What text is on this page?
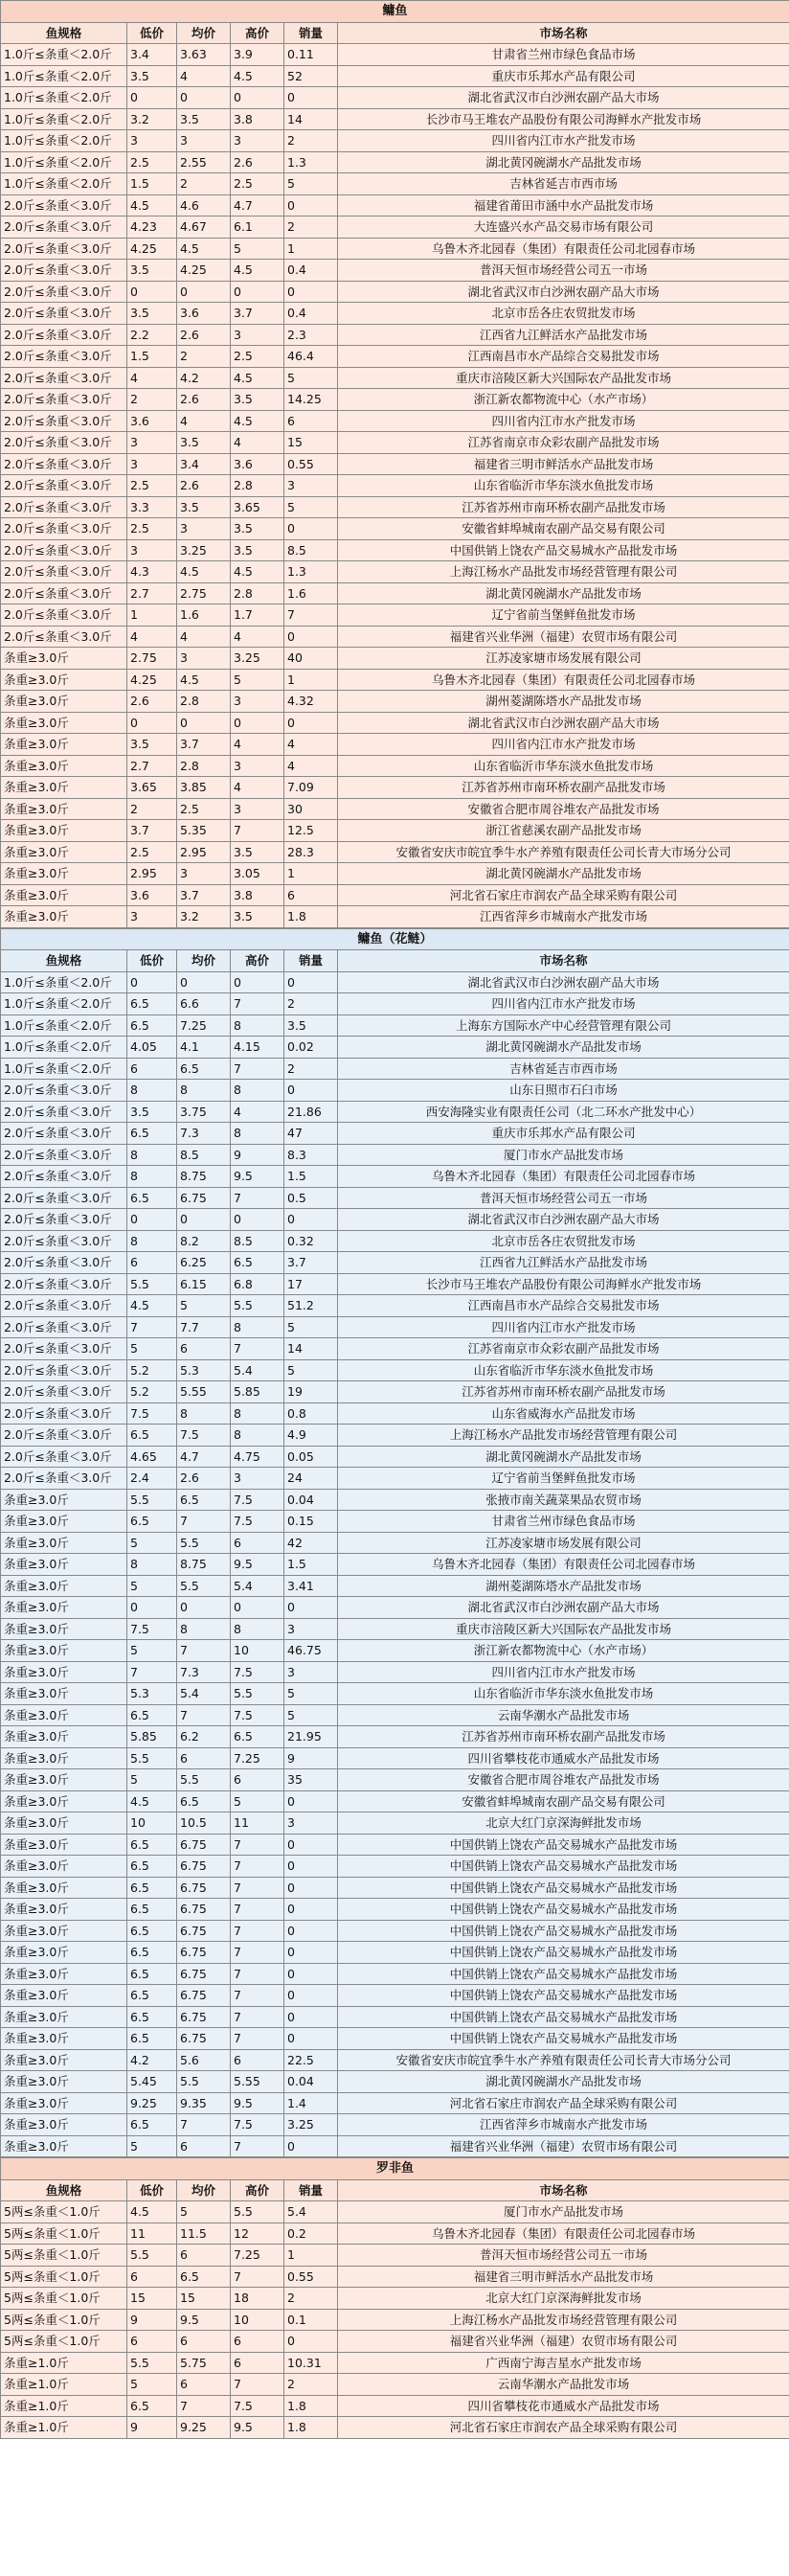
鳙鱼					
鱼规格	低价	均价	高价	销量	市场名称
1.0斤≤条重＜2.0斤	3.4	3.63	3.9	0.11	甘肃省兰州市绿色食品市场
1.0斤≤条重＜2.0斤	3.5	4	4.5	52	重庆市乐邦水产品有限公司
1.0斤≤条重＜2.0斤	0	0	0	0	湖北省武汉市白沙洲农副产品大市场
1.0斤≤条重＜2.0斤	3.2	3.5	3.8	14	长沙市马王堆农产品股份有限公司海鲜水产批发市场
1.0斤≤条重＜2.0斤	3	3	3	2	四川省内江市水产批发市场
1.0斤≤条重＜2.0斤	2.5	2.55	2.6	1.3	湖北黄冈碗湖水产品批发市场
1.0斤≤条重＜2.0斤	1.5	2	2.5	5	吉林省延吉市西市场
2.0斤≤条重＜3.0斤	4.5	4.6	4.7	0	福建省莆田市涵中水产品批发市场
2.0斤≤条重＜3.0斤	4.23	4.67	6.1	2	大连盛兴水产品交易市场有限公司
2.0斤≤条重＜3.0斤	4.25	4.5	5	1	乌鲁木齐北园春（集团）有限责任公司北园春市场
2.0斤≤条重＜3.0斤	3.5	4.25	4.5	0.4	普洱天恒市场经营公司五一市场
2.0斤≤条重＜3.0斤	0	0	0	0	湖北省武汉市白沙洲农副产品大市场
2.0斤≤条重＜3.0斤	3.5	3.6	3.7	0.4	北京市岳各庄农贸批发市场
2.0斤≤条重＜3.0斤	2.2	2.6	3	2.3	江西省九江鲜活水产品批发市场
2.0斤≤条重＜3.0斤	1.5	2	2.5	46.4	江西南昌市水产品综合交易批发市场
2.0斤≤条重＜3.0斤	4	4.2	4.5	5	重庆市涪陵区新大兴国际农产品批发市场
2.0斤≤条重＜3.0斤	2	2.6	3.5	14.25	浙江新农都物流中心（水产市场）
2.0斤≤条重＜3.0斤	3.6	4	4.5	6	四川省内江市水产批发市场
2.0斤≤条重＜3.0斤	3	3.5	4	15	江苏省南京市众彩农副产品批发市场
2.0斤≤条重＜3.0斤	3	3.4	3.6	0.55	福建省三明市鲜活水产品批发市场
2.0斤≤条重＜3.0斤	2.5	2.6	2.8	3	山东省临沂市华东淡水鱼批发市场
2.0斤≤条重＜3.0斤	3.3	3.5	3.65	5	江苏省苏州市南环桥农副产品批发市场
2.0斤≤条重＜3.0斤	2.5	3	3.5	0	安徽省蚌埠城南农副产品交易有限公司
2.0斤≤条重＜3.0斤	3	3.25	3.5	8.5	中国供销上饶农产品交易城水产品批发市场
2.0斤≤条重＜3.0斤	4.3	4.5	4.5	1.3	上海江杨水产品批发市场经营管理有限公司
2.0斤≤条重＜3.0斤	2.7	2.75	2.8	1.6	湖北黄冈碗湖水产品批发市场
2.0斤≤条重＜3.0斤	1	1.6	1.7	7	辽宁省前当堡鲜鱼批发市场
2.0斤≤条重＜3.0斤	4	4	4	0	福建省兴业华洲（福建）农贸市场有限公司
条重≥3.0斤	2.75	3	3.25	40	江苏凌家塘市场发展有限公司
条重≥3.0斤	4.25	4.5	5	1	乌鲁木齐北园春（集团）有限责任公司北园春市场
条重≥3.0斤	2.6	2.8	3	4.32	湖州菱湖陈塔水产品批发市场
条重≥3.0斤	0	0	0	0	湖北省武汉市白沙洲农副产品大市场
条重≥3.0斤	3.5	3.7	4	4	四川省内江市水产批发市场
条重≥3.0斤	2.7	2.8	3	4	山东省临沂市华东淡水鱼批发市场
条重≥3.0斤	3.65	3.85	4	7.09	江苏省苏州市南环桥农副产品批发市场
条重≥3.0斤	2	2.5	3	30	安徽省合肥市周谷堆农产品批发市场
条重≥3.0斤	3.7	5.35	7	12.5	浙江省慈溪农副产品批发市场
条重≥3.0斤	2.5	2.95	3.5	28.3	安徽省安庆市皖宜季牛水产养殖有限责任公司长青大市场分公司
条重≥3.0斤	2.95	3	3.05	1	湖北黄冈碗湖水产品批发市场
条重≥3.0斤	3.6	3.7	3.8	6	河北省石家庄市润农产品全球采购有限公司
条重≥3.0斤	3	3.2	3.5	1.8	江西省萍乡市城南水产批发市场
鳙鱼（花鲢）					
鱼规格	低价	均价	高价	销量	市场名称
1.0斤≤条重＜2.0斤	0	0	0	0	湖北省武汉市白沙洲农副产品大市场
1.0斤≤条重＜2.0斤	6.5	6.6	7	2	四川省内江市水产批发市场
1.0斤≤条重＜2.0斤	6.5	7.25	8	3.5	上海东方国际水产中心经营管理有限公司
1.0斤≤条重＜2.0斤	4.05	4.1	4.15	0.02	湖北黄冈碗湖水产品批发市场
1.0斤≤条重＜2.0斤	6	6.5	7	2	吉林省延吉市西市场
2.0斤≤条重＜3.0斤	8	8	8	0	山东日照市石臼市场
2.0斤≤条重＜3.0斤	3.5	3.75	4	21.86	西安海隆实业有限责任公司（北二环水产批发中心）
2.0斤≤条重＜3.0斤	6.5	7.3	8	47	重庆市乐邦水产品有限公司
2.0斤≤条重＜3.0斤	8	8.5	9	8.3	厦门市水产品批发市场
2.0斤≤条重＜3.0斤	8	8.75	9.5	1.5	乌鲁木齐北园春（集团）有限责任公司北园春市场
2.0斤≤条重＜3.0斤	6.5	6.75	7	0.5	普洱天恒市场经营公司五一市场
2.0斤≤条重＜3.0斤	0	0	0	0	湖北省武汉市白沙洲农副产品大市场
2.0斤≤条重＜3.0斤	8	8.2	8.5	0.32	北京市岳各庄农贸批发市场
2.0斤≤条重＜3.0斤	6	6.25	6.5	3.7	江西省九江鲜活水产品批发市场
2.0斤≤条重＜3.0斤	5.5	6.15	6.8	17	长沙市马王堆农产品股份有限公司海鲜水产批发市场
2.0斤≤条重＜3.0斤	4.5	5	5.5	51.2	江西南昌市水产品综合交易批发市场
2.0斤≤条重＜3.0斤	7	7.7	8	5	四川省内江市水产批发市场
2.0斤≤条重＜3.0斤	5	6	7	14	江苏省南京市众彩农副产品批发市场
2.0斤≤条重＜3.0斤	5.2	5.3	5.4	5	山东省临沂市华东淡水鱼批发市场
2.0斤≤条重＜3.0斤	5.2	5.55	5.85	19	江苏省苏州市南环桥农副产品批发市场
2.0斤≤条重＜3.0斤	7.5	8	8	0.8	山东省威海水产品批发市场
2.0斤≤条重＜3.0斤	6.5	7.5	8	4.9	上海江杨水产品批发市场经营管理有限公司
2.0斤≤条重＜3.0斤	4.65	4.7	4.75	0.05	湖北黄冈碗湖水产品批发市场
2.0斤≤条重＜3.0斤	2.4	2.6	3	24	辽宁省前当堡鲜鱼批发市场
条重≥3.0斤	5.5	6.5	7.5	0.04	张掖市南关蔬菜果品农贸市场
条重≥3.0斤	6.5	7	7.5	0.15	甘肃省兰州市绿色食品市场
条重≥3.0斤	5	5.5	6	42	江苏凌家塘市场发展有限公司
条重≥3.0斤	8	8.75	9.5	1.5	乌鲁木齐北园春（集团）有限责任公司北园春市场
条重≥3.0斤	5	5.5	5.4	3.41	湖州菱湖陈塔水产品批发市场
条重≥3.0斤	0	0	0	0	湖北省武汉市白沙洲农副产品大市场
条重≥3.0斤	7.5	8	8	3	重庆市涪陵区新大兴国际农产品批发市场
条重≥3.0斤	5	7	10	46.75	浙江新农都物流中心（水产市场）
条重≥3.0斤	7	7.3	7.5	3	四川省内江市水产批发市场
条重≥3.0斤	5.3	5.4	5.5	5	山东省临沂市华东淡水鱼批发市场
条重≥3.0斤	6.5	7	7.5	5	云南华潮水产品批发市场
条重≥3.0斤	5.85	6.2	6.5	21.95	江苏省苏州市南环桥农副产品批发市场
条重≥3.0斤	5.5	6	7.25	9	四川省攀枝花市通威水产品批发市场
条重≥3.0斤	5	5.5	6	35	安徽省合肥市周谷堆农产品批发市场
条重≥3.0斤	4.5	6.5	5	0	安徽省蚌埠城南农副产品交易有限公司
条重≥3.0斤	10	10.5	11	3	北京大红门京深海鲜批发市场
条重≥3.0斤	6.5	6.75	7	0	中国供销上饶农产品交易城水产品批发市场
条重≥3.0斤	6.5	6.75	7	0	中国供销上饶农产品交易城水产品批发市场
条重≥3.0斤	6.5	6.75	7	0	中国供销上饶农产品交易城水产品批发市场
条重≥3.0斤	6.5	6.75	7	0	中国供销上饶农产品交易城水产品批发市场
条重≥3.0斤	6.5	6.75	7	0	中国供销上饶农产品交易城水产品批发市场
条重≥3.0斤	6.5	6.75	7	0	中国供销上饶农产品交易城水产品批发市场
条重≥3.0斤	6.5	6.75	7	0	中国供销上饶农产品交易城水产品批发市场
条重≥3.0斤	6.5	6.75	7	0	中国供销上饶农产品交易城水产品批发市场
条重≥3.0斤	6.5	6.75	7	0	中国供销上饶农产品交易城水产品批发市场
条重≥3.0斤	6.5	6.75	7	0	中国供销上饶农产品交易城水产品批发市场
条重≥3.0斤	4.2	5.6	6	22.5	安徽省安庆市皖宜季牛水产养殖有限责任公司长青大市场分公司
条重≥3.0斤	5.45	5.5	5.55	0.04	湖北黄冈碗湖水产品批发市场
条重≥3.0斤	9.25	9.35	9.5	1.4	河北省石家庄市润农产品全球采购有限公司
条重≥3.0斤	6.5	7	7.5	3.25	江西省萍乡市城南水产批发市场
条重≥3.0斤	5	6	7	0	福建省兴业华洲（福建）农贸市场有限公司
罗非鱼					
鱼规格	低价	均价	高价	销量	市场名称
5两≤条重＜1.0斤	4.5	5	5.5	5.4	厦门市水产品批发市场
5两≤条重＜1.0斤	11	11.5	12	0.2	乌鲁木齐北园春（集团）有限责任公司北园春市场
5两≤条重＜1.0斤	5.5	6	7.25	1	普洱天恒市场经营公司五一市场
5两≤条重＜1.0斤	6	6.5	7	0.55	福建省三明市鲜活水产品批发市场
5两≤条重＜1.0斤	15	15	18	2	北京大红门京深海鲜批发市场
5两≤条重＜1.0斤	9	9.5	10	0.1	上海江杨水产品批发市场经营管理有限公司
5两≤条重＜1.0斤	6	6	6	0	福建省兴业华洲（福建）农贸市场有限公司
条重≥1.0斤	5.5	5.75	6	10.31	广西南宁海吉星水产批发市场
条重≥1.0斤	5	6	7	2	云南华潮水产品批发市场
条重≥1.0斤	6.5	7	7.5	1.8	四川省攀枝花市通威水产品批发市场
条重≥1.0斤	9	9.25	9.5	1.8	河北省石家庄市润农产品全球采购有限公司
